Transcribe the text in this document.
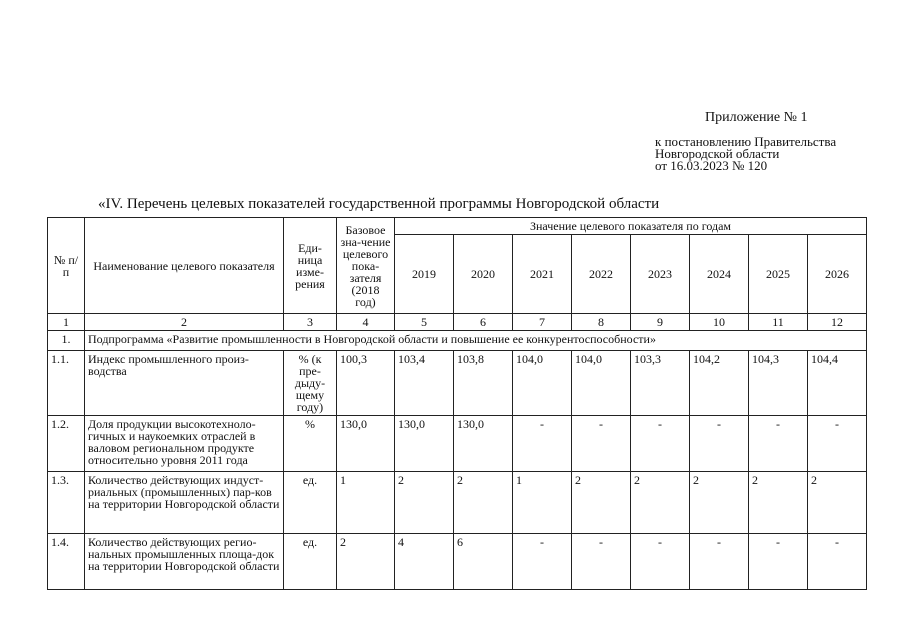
Приложение № 1
к постановлению Правительства
Новгородской области
от 16.03.2023 № 120
«IV. Перечень целевых показателей государственной программы Новгородской области
№ п/п	Наименование целевого показателя	Еди-ница изме-рения	Базовое зна-чение целевого пока-зателя (2018 год)	Значение целевого показателя по годам							
				2019	2020	2021	2022	2023	2024	2025	2026
1	2	3	4	5	6	7	8	9	10	11	12
1.	Подпрограмма «Развитие промышленности в Новгородской области и повышение ее конкурентоспособности»										
1.1.	Индекс промышленного произ-водства	% (к пре-дыду-щему году)	100,3	103,4	103,8	104,0	104,0	103,3	104,2	104,3	104,4
1.2.	Доля продукции высокотехноло-гичных и наукоемких отраслей в валовом региональном продукте относительно уровня 2011 года	%	130,0	130,0	130,0	-	-	-	-	-	-
1.3.	Количество действующих индуст-риальных (промышленных) пар-ков на территории Новгородской области	ед.	1	2	2	1	2	2	2	2	2
1.4.	Количество действующих регио-нальных промышленных площа-док на территории Новгородской области	ед.	2	4	6	-	-	-	-	-	-
